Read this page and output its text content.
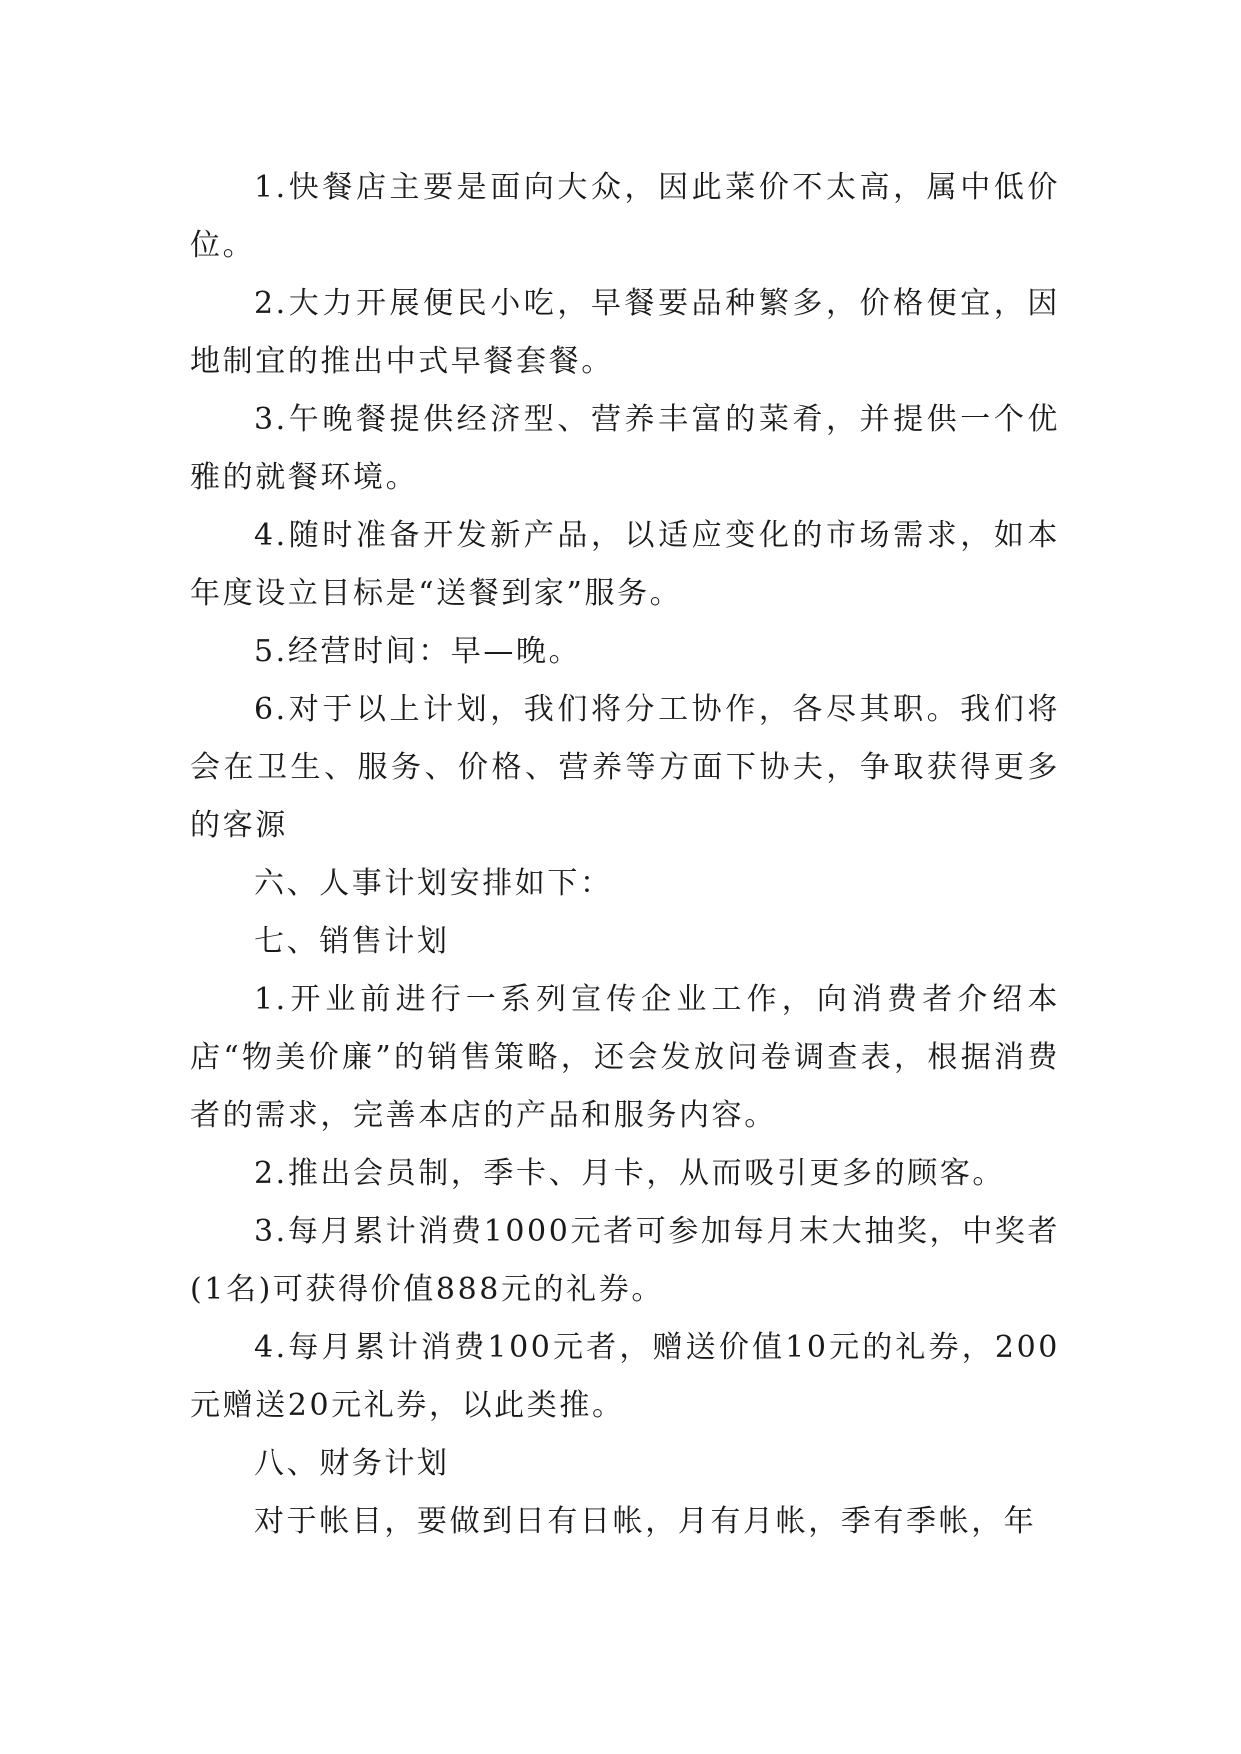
1.快餐店主要是面向大众，因此菜价不太高，属中低价位。

2.大力开展便民小吃，早餐要品种繁多，价格便宜，因地制宜的推出中式早餐套餐。

3.午晚餐提供经济型、营养丰富的菜肴，并提供一个优雅的就餐环境。

4.随时准备开发新产品，以适应变化的市场需求，如本年度设立目标是“送餐到家”服务。

5.经营时间：早—晚。

6.对于以上计划，我们将分工协作，各尽其职。我们将会在卫生、服务、价格、营养等方面下协夫，争取获得更多的客源

六、人事计划安排如下：

七、销售计划

1.开业前进行一系列宣传企业工作，向消费者介绍本店“物美价廉”的销售策略，还会发放问卷调查表，根据消费者的需求，完善本店的产品和服务内容。

2.推出会员制，季卡、月卡，从而吸引更多的顾客。

3.每月累计消费1000元者可参加每月末大抽奖，中奖者(1名)可获得价值888元的礼券。

4.每月累计消费100元者，赠送价值10元的礼券，200元赠送20元礼券，以此类推。

八、财务计划

对于帐目，要做到日有日帐，月有月帐，季有季帐，年
